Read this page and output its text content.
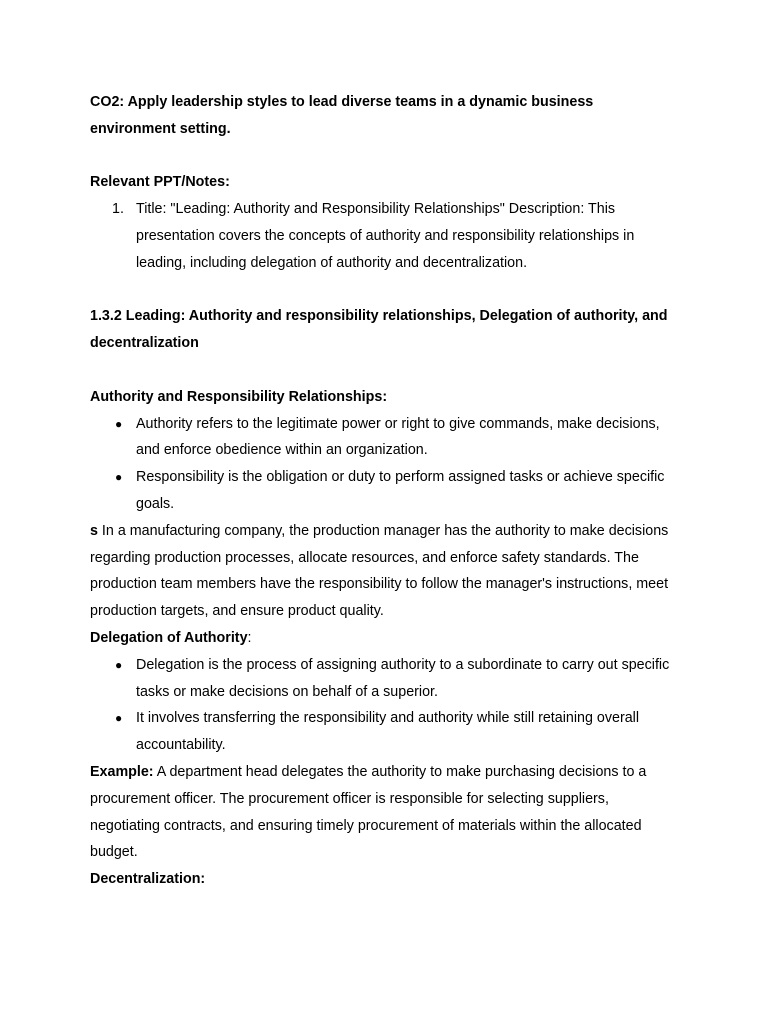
CO2: Apply leadership styles to lead diverse teams in a dynamic business environment setting.

Relevant PPT/Notes:

1. Title: "Leading: Authority and Responsibility Relationships" Description: This presentation covers the concepts of authority and responsibility relationships in leading, including delegation of authority and decentralization.

1.3.2 Leading: Authority and responsibility relationships, Delegation of authority, and decentralization

Authority and Responsibility Relationships:

● Authority refers to the legitimate power or right to give commands, make decisions, and enforce obedience within an organization.
● Responsibility is the obligation or duty to perform assigned tasks or achieve specific goals.

s In a manufacturing company, the production manager has the authority to make decisions regarding production processes, allocate resources, and enforce safety standards. The production team members have the responsibility to follow the manager's instructions, meet production targets, and ensure product quality.

Delegation of Authority:

● Delegation is the process of assigning authority to a subordinate to carry out specific tasks or make decisions on behalf of a superior.
● It involves transferring the responsibility and authority while still retaining overall accountability.

Example: A department head delegates the authority to make purchasing decisions to a procurement officer. The procurement officer is responsible for selecting suppliers, negotiating contracts, and ensuring timely procurement of materials within the allocated budget.

Decentralization:
